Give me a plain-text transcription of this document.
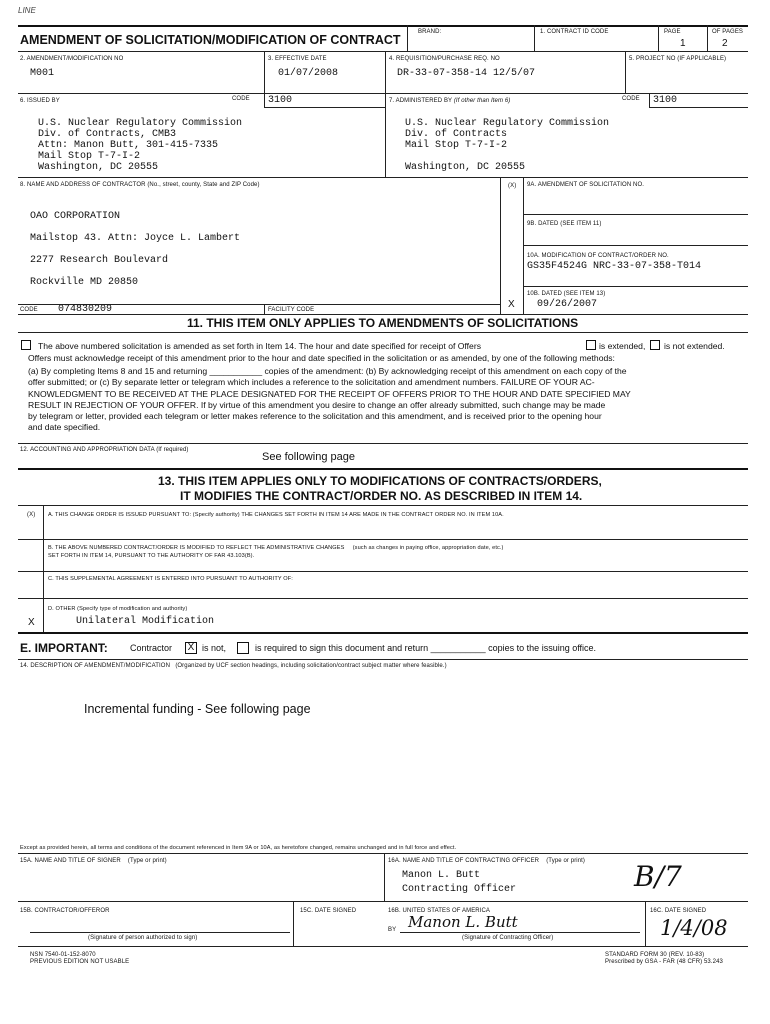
LINE
AMENDMENT OF SOLICITATION/MODIFICATION OF CONTRACT
BRAND:	1. CONTRACT ID CODE	PAGE
1
OF PAGES
2
2. AMENDMENT/MODIFICATION NO
M001
3. EFFECTIVE DATE
01/07/2008
4. REQUISITION/PURCHASE REQ. NO
DR-33-07-358-14 12/5/07
5. PROJECT NO (IF APPLICABLE)
6. ISSUED BY	CODE 3100
U.S. Nuclear Regulatory Commission
Div. of Contracts, CMB3
Attn: Manon Butt, 301-415-7335
Mail Stop T-7-I-2
Washington, DC 20555
7. ADMINISTERED BY (If other than Item 6)	CODE 3100
U.S. Nuclear Regulatory Commission
Div. of Contracts
Mail Stop T-7-I-2
Washington, DC 20555
8. NAME AND ADDRESS OF CONTRACTOR (No., street, county, State and ZIP Code)
OAO CORPORATION
Mailstop 43. Attn: Joyce L. Lambert
2277 Research Boulevard
Rockville MD 20850
(X) 9A. AMENDMENT OF SOLICITATION NO.
9B. DATED (SEE ITEM 11)
10A. MODIFICATION OF CONTRACT/ORDER NO.
GS35F4524G NRC-33-07-358-T014
10B. DATED (SEE ITEM 13)
09/26/2007
X
CODE 074830209	FACILITY CODE
11. THIS ITEM ONLY APPLIES TO AMENDMENTS OF SOLICITATIONS
The above numbered solicitation is amended as set forth in Item 14. The hour and date specified for receipt of Offers	is extended, is not extended.
Offers must acknowledge receipt of this amendment prior to the hour and date specified in the solicitation or as amended, by one of the following methods:
(a) By completing Items 8 and 15 and returning ___________ copies of the amendment: (b) By acknowledging receipt of this amendment on each copy of the
offer submitted; or (c) By separate letter or telegram which includes a reference to the solicitation and amendment numbers. FAILURE OF YOUR AC-
KNOWLEDGMENT TO BE RECEIVED AT THE PLACE DESIGNATED FOR THE RECEIPT OF OFFERS PRIOR TO THE HOUR AND DATE SPECIFIED MAY
RESULT IN REJECTION OF YOUR OFFER. If by virtue of this amendment you desire to change an offer already submitted, such change may be made
by telegram or letter, provided each telegram or letter makes reference to the solicitation and this amendment, and is received prior to the opening hour
and date specified.
12. ACCOUNTING AND APPROPRIATION DATA (If required)
See following page
13. THIS ITEM APPLIES ONLY TO MODIFICATIONS OF CONTRACTS/ORDERS,
IT MODIFIES THE CONTRACT/ORDER NO. AS DESCRIBED IN ITEM 14.
(X) A. THIS CHANGE ORDER IS ISSUED PURSUANT TO: (Specify authority) THE CHANGES SET FORTH IN ITEM 14 ARE MADE IN THE CONTRACT ORDER NO. IN ITEM 10A.
B. THE ABOVE NUMBERED CONTRACT/ORDER IS MODIFIED TO REFLECT THE ADMINISTRATIVE CHANGES (such as changes in paying office, appropriation date, etc.)
SET FORTH IN ITEM 14, PURSUANT TO THE AUTHORITY OF FAR 43.103(B).
C. THIS SUPPLEMENTAL AGREEMENT IS ENTERED INTO PURSUANT TO AUTHORITY OF:
D. OTHER (Specify type of modification and authority)
X	Unilateral Modification
E. IMPORTANT: Contractor X is not,	is required to sign this document and return ___________ copies to the issuing office.
14. DESCRIPTION OF AMENDMENT/MODIFICATION (Organized by UCF section headings, including solicitation/contract subject matter where feasible.)
Incremental funding - See following page
Except as provided herein, all terms and conditions of the document referenced in Item 9A or 10A, as heretofore changed, remains unchanged and in full force and effect.
15A. NAME AND TITLE OF SIGNER (Type or print)	16A. NAME AND TITLE OF CONTRACTING OFFICER (Type or print)
Manon L. Butt
Contracting Officer	B/7
15B. CONTRACTOR/OFFEROR
(Signature of person authorized to sign)
15C. DATE SIGNED	16B. UNITED STATES OF AMERICA
BY Manon L. Butt
(Signature of Contracting Officer)
16C. DATE SIGNED
1/4/08
NSN 7540-01-152-8070
PREVIOUS EDITION NOT USABLE
STANDARD FORM 30 (REV. 10-83)
Prescribed by GSA - FAR (48 CFR) 53.243
